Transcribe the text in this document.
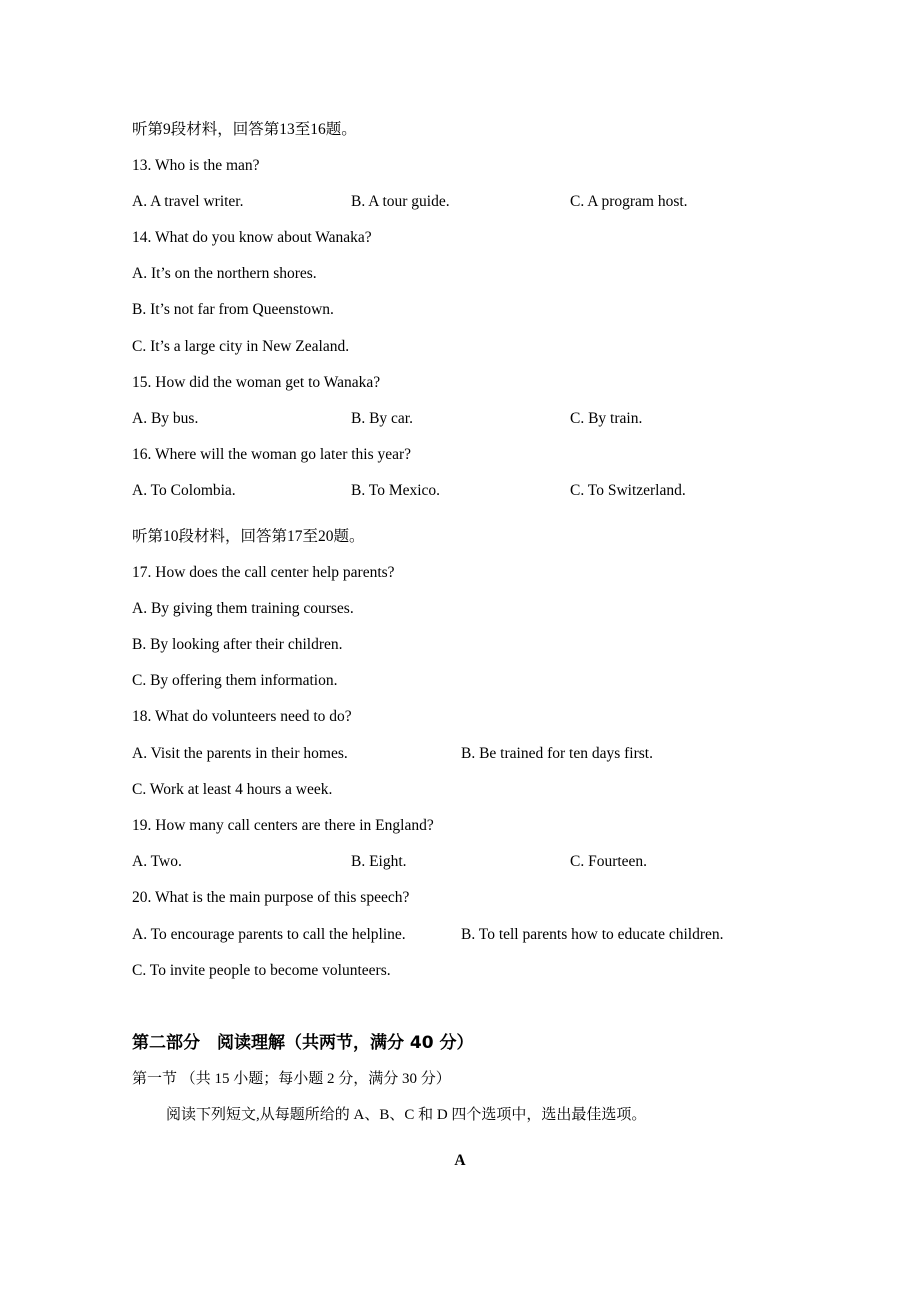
听第9段材料，回答第13至16题。
13. Who is the man?
A. A travel writer.	B. A tour guide.	C. A program host.
14. What do you know about Wanaka?
A. It’s on the northern shores.
B. It’s not far from Queenstown.
C. It’s a large city in New Zealand.
15. How did the woman get to Wanaka?
A. By bus.	B. By car.	C. By train.
16. Where will the woman go later this year?
A. To Colombia.	B. To Mexico.	C. To Switzerland.
听第10段材料，回答第17至20题。
17. How does the call center help parents?
A. By giving them training courses.
B. By looking after their children.
C. By offering them information.
18. What do volunteers need to do?
A. Visit the parents in their homes.	B. Be trained for ten days first.
C. Work at least 4 hours a week.
19. How many call centers are there in England?
A. Two.	B. Eight.	C. Fourteen.
20. What is the main purpose of this speech?
A. To encourage parents to call the helpline.	B. To tell parents how to educate children.
C. To invite people to become volunteers.
第二部分　阅读理解（共两节，满分 40 分）
第一节 （共 15 小题；每小题 2 分，满分 30 分）
阅读下列短文,从每题所给的 A、B、C 和 D 四个选项中，选出最佳选项。
A
